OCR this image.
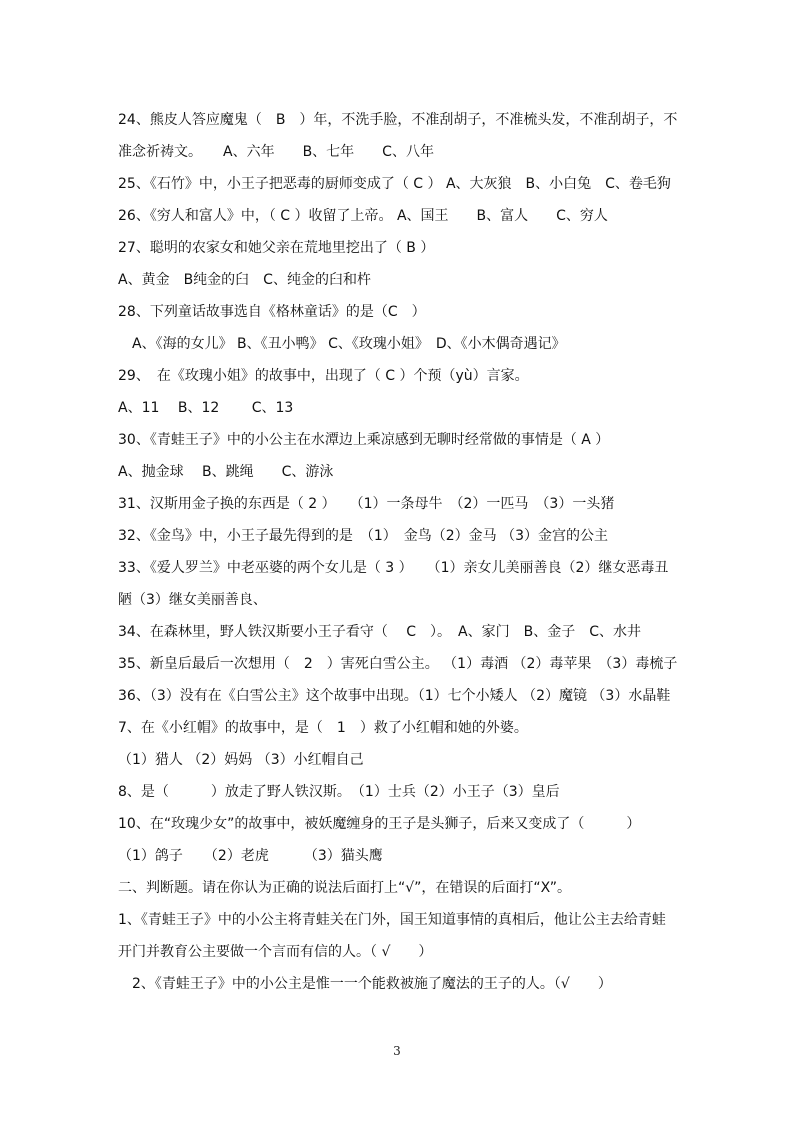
24、熊皮人答应魔鬼（　B　）年，不洗手脸，不准刮胡子，不准梳头发，不准刮胡子，不
准念祈祷文。　　A、六年　　B、七年　　C、八年
25、《石竹》中，小王子把恶毒的厨师变成了（ C ） A、大灰狼　B、小白兔　C、卷毛狗
26、《穷人和富人》中，（ C ）收留了上帝。 A、国王　　B、富人　　C、穷人
27、聪明的农家女和她父亲在荒地里挖出了（ B ）
A、黄金　B纯金的臼　C、纯金的臼和杵
28、下列童话故事选自《格林童话》的是（C　）
　A、《海的女儿》 B、《丑小鸭》 C、《玫瑰小姐》　D、《小木偶奇遇记》
29、　在《玫瑰小姐》的故事中，出现了（ C ）个预（yù）言家。
A、11　 B、12　　 C、13
30、《青蛙王子》中的小公主在水潭边上乘凉感到无聊时经常做的事情是（ A ）
A、抛金球　 B、跳绳　　C、游泳
31、汉斯用金子换的东西是（ 2 ）　　（1）一条母牛　（2）一匹马　（3）一头猪
32、《金鸟》中，小王子最先得到的是　（1）　金鸟（2）金马 （3）金宫的公主
33、《爱人罗兰》中老巫婆的两个女儿是（ 3 ）　　（1）亲女儿美丽善良（2）继女恶毒丑
陋（3）继女美丽善良、
34、在森林里，野人铁汉斯要小王子看守（　 C　）。　A、家门　B、金子　C、水井
35、新皇后最后一次想用（　2　）害死白雪公主。 （1）毒酒 （2）毒苹果　（3）毒梳子
36、（3）没有在《白雪公主》这个故事中出现。（1）七个小矮人 （2）魔镜 （3）水晶鞋
7、在《小红帽》的故事中，是（　1　）救了小红帽和她的外婆。
（1）猎人 （2）妈妈 （3）小红帽自己
8、是（　　　）放走了野人铁汉斯。　（1）士兵（2）小王子（3）皇后
10、在“玫瑰少女”的故事中，被妖魔缠身的王子是头狮子，后来又变成了（　　　）
（1）鸽子　　（2）老虎　　　（3）猫头鹰
二、判断题。请在你认为正确的说法后面打上“√”，在错误的后面打“X”。
1、《青蛙王子》中的小公主将青蛙关在门外，国王知道事情的真相后，他让公主去给青蛙
开门并教育公主要做一个言而有信的人。（ √　　）
　2、《青蛙王子》中的小公主是惟一一个能救被施了魔法的王子的人。（√　　）
3
